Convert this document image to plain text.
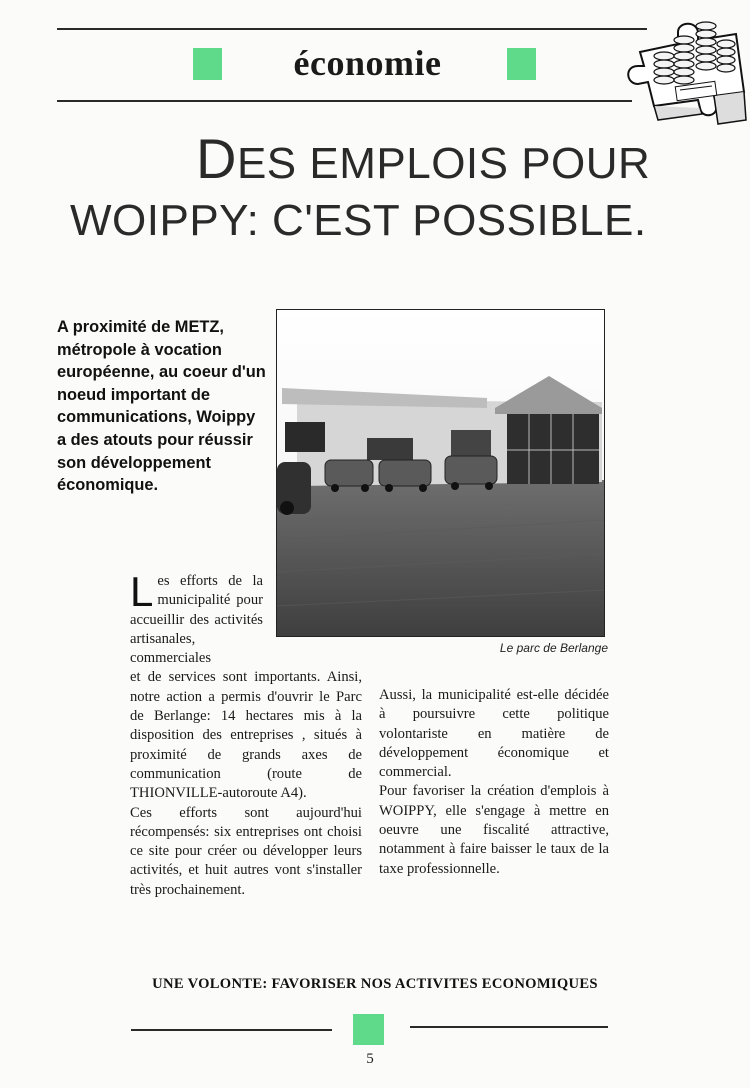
économie
DES EMPLOIS POUR
WOIPPY: C'EST POSSIBLE.
A proximité de METZ, métropole à vocation européenne, au coeur d'un noeud important de communications, Woippy a des atouts pour réussir son développement économique.
Le parc de Berlange
L es efforts de la municipalité pour accueillir des activités artisanales, commerciales

et de services sont importants. Ainsi, notre action a permis d'ouvrir le Parc de Berlange: 14 hectares mis à la disposition des entreprises , situés à proximité de grands axes de communication (route de THIONVILLE-autoroute A4).

Ces efforts sont aujourd'hui récompensés: six entreprises ont choisi ce site pour créer ou développer leurs activités, et huit autres vont s'installer très prochainement.

Aussi, la municipalité est-elle décidée à poursuivre cette politique volontariste en matière de développement économique et commercial.

Pour favoriser la création d'emplois à WOIPPY, elle s'engage à mettre en oeuvre une fiscalité attractive, notamment à faire baisser le taux de la taxe professionnelle.

UNE VOLONTE: FAVORISER NOS ACTIVITES ECONOMIQUES
5
